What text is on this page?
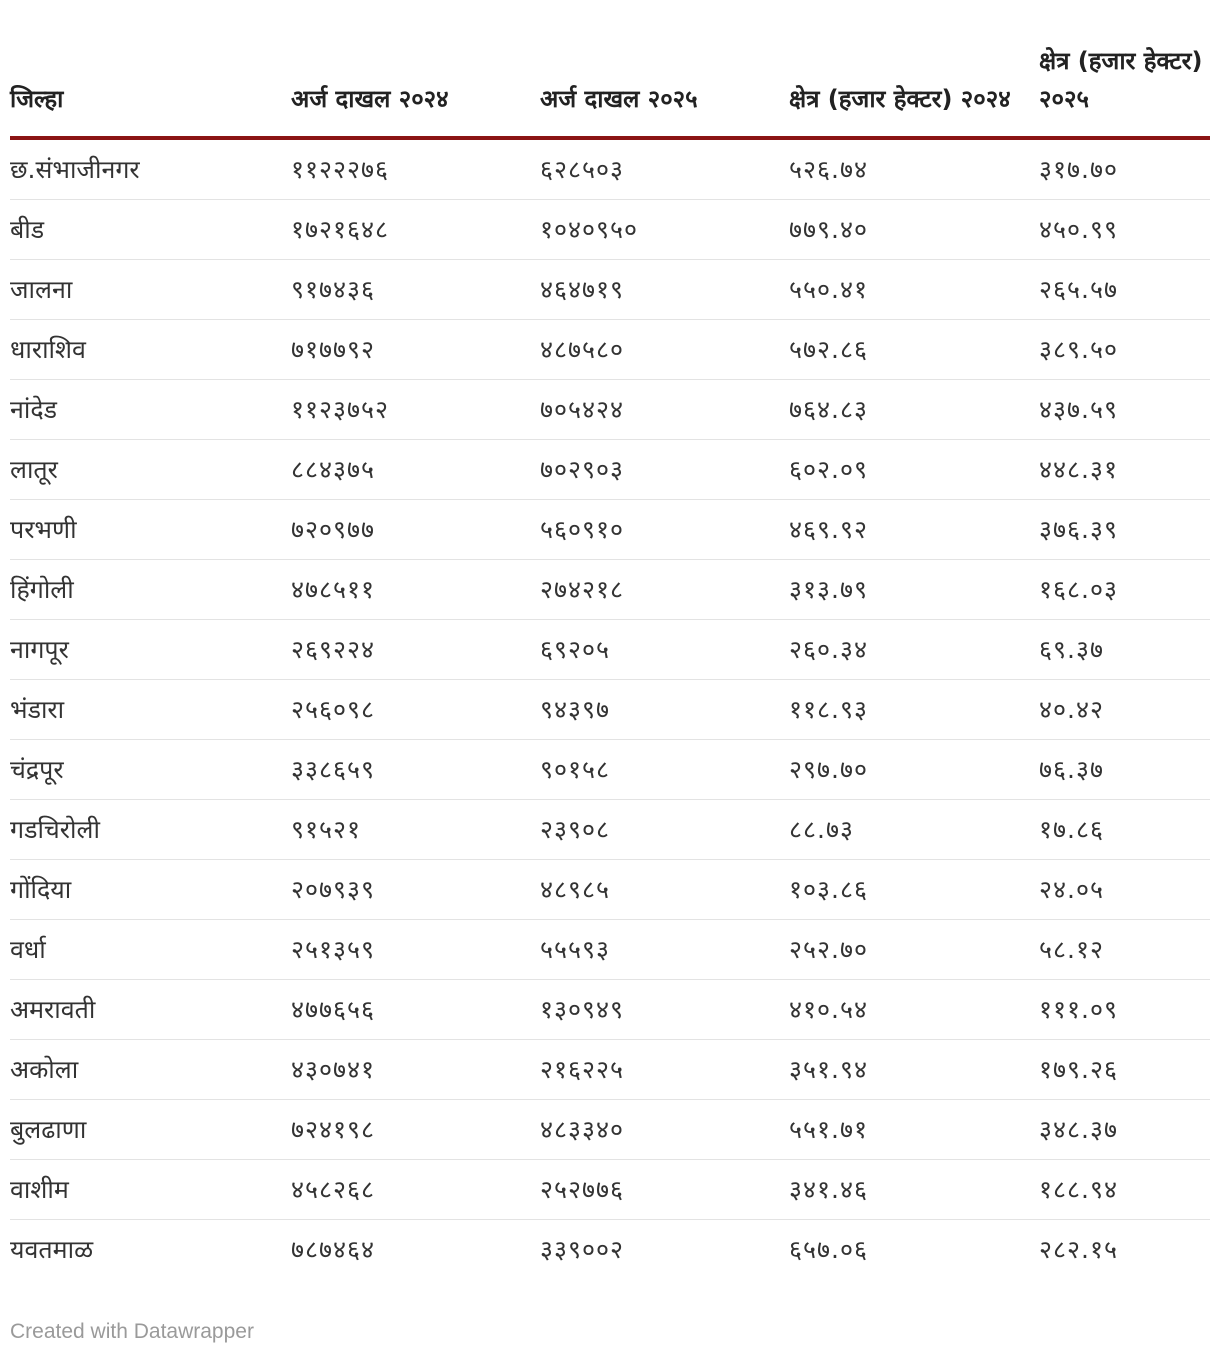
जिल्हा	अर्ज दाखल २०२४	अर्ज दाखल २०२५	क्षेत्र (हजार हेक्टर) २०२४	क्षेत्र (हजार हेक्टर) २०२५
छ.संभाजीनगर	११२२२७६	६२८५०३	५२६.७४	३१७.७०
बीड	१७२१६४८	१०४०९५०	७७९.४०	४५०.९९
जालना	९१७४३६	४६४७१९	५५०.४१	२६५.५७
धाराशिव	७१७७९२	४८७५८०	५७२.८६	३८९.५०
नांदेड	११२३७५२	७०५४२४	७६४.८३	४३७.५९
लातूर	८८४३७५	७०२९०३	६०२.०९	४४८.३१
परभणी	७२०९७७	५६०९१०	४६९.९२	३७६.३९
हिंगोली	४७८५११	२७४२१८	३१३.७९	१६८.०३
नागपूर	२६९२२४	६९२०५	२६०.३४	६९.३७
भंडारा	२५६०९८	९४३९७	११८.९३	४०.४२
चंद्रपूर	३३८६५९	९०१५८	२९७.७०	७६.३७
गडचिरोली	९१५२१	२३९०८	८८.७३	१७.८६
गोंदिया	२०७९३९	४८९८५	१०३.८६	२४.०५
वर्धा	२५१३५९	५५५९३	२५२.७०	५८.१२
अमरावती	४७७६५६	१३०९४९	४१०.५४	१११.०९
अकोला	४३०७४१	२१६२२५	३५१.९४	१७९.२६
बुलढाणा	७२४१९८	४८३३४०	५५१.७१	३४८.३७
वाशीम	४५८२६८	२५२७७६	३४१.४६	१८८.९४
यवतमाळ	७८७४६४	३३९००२	६५७.०६	२८२.१५
Created with Datawrapper
